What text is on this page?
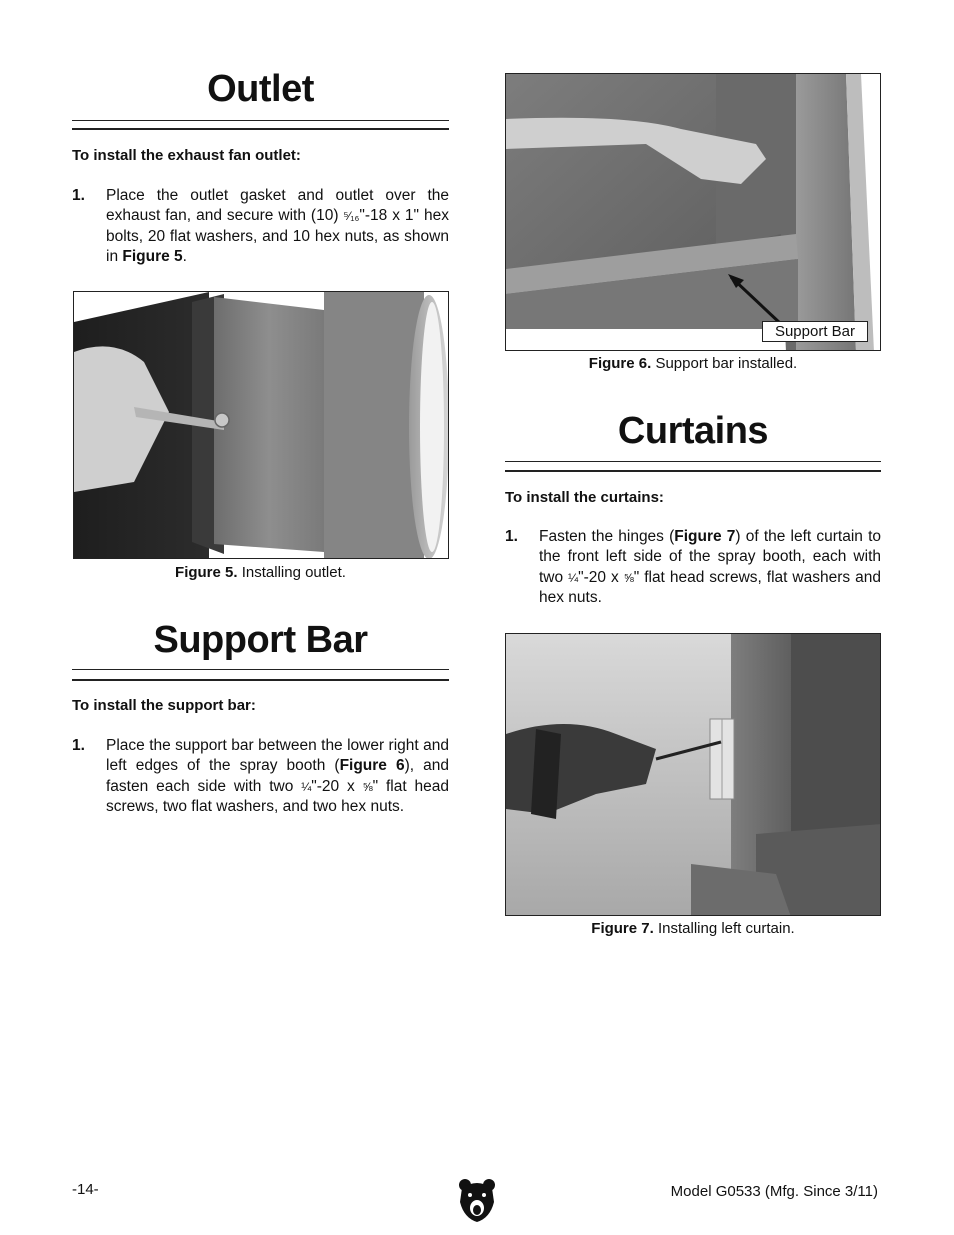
Outlet

To install the exhaust fan outlet:

1. Place the outlet gasket and outlet over the exhaust fan, and secure with (10) ⁵⁄₁₆"-18 x 1" hex bolts, 20 flat washers, and 10 hex nuts, as shown in Figure 5.
Figure 5. Installing outlet.
Support Bar

To install the support bar:

1. Place the support bar between the lower right and left edges of the spray booth (Figure 6), and fasten each side with two ¼"-20 x ⅝" flat head screws, two flat washers, and two hex nuts.
Support Bar
Figure 6. Support bar installed.
Curtains

To install the curtains:

1. Fasten the hinges (Figure 7) of the left curtain to the front left side of the spray booth, each with two ¼"-20 x ⅝" flat head screws, flat washers and hex nuts.
Figure 7. Installing left curtain.
-14-	Model G0533 (Mfg. Since 3/11)
